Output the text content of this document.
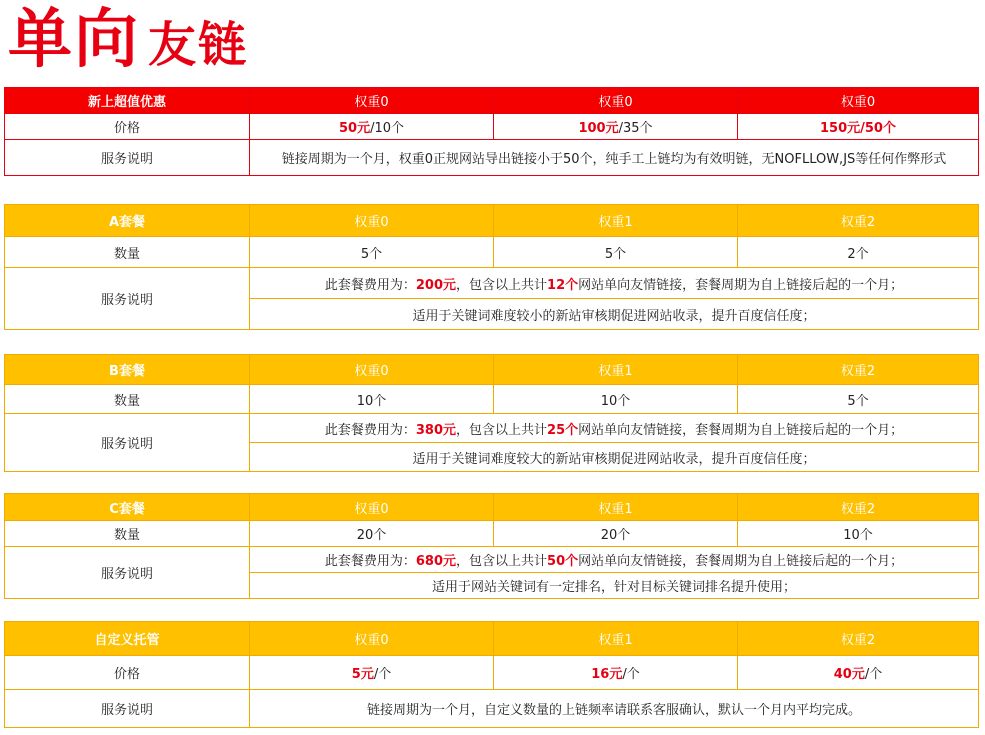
单向 友链
新上超值优惠	权重0	权重0	权重0
价格	50元/10个	100元/35个	150元/50个
服务说明	链接周期为一个月，权重0正规网站导出链接小于50个，纯手工上链均为有效明链，无NOFLLOW,JS等任何作弊形式		
A套餐	权重0	权重1	权重2
数量	5个	5个	2个
服务说明	此套餐费用为：200元，包含以上共计12个网站单向友情链接，套餐周期为自上链接后起的一个月；		
	适用于关键词难度较小的新站审核期促进网站收录，提升百度信任度；		
B套餐	权重0	权重1	权重2
数量	10个	10个	5个
服务说明	此套餐费用为：380元，包含以上共计25个网站单向友情链接，套餐周期为自上链接后起的一个月；		
	适用于关键词难度较大的新站审核期促进网站收录，提升百度信任度；		
C套餐	权重0	权重1	权重2
数量	20个	20个	10个
服务说明	此套餐费用为：680元，包含以上共计50个网站单向友情链接，套餐周期为自上链接后起的一个月；		
	适用于网站关键词有一定排名，针对目标关键词排名提升使用；		
自定义托管	权重0	权重1	权重2
价格	5元/个	16元/个	40元/个
服务说明	链接周期为一个月，自定义数量的上链频率请联系客服确认，默认一个月内平均完成。		
